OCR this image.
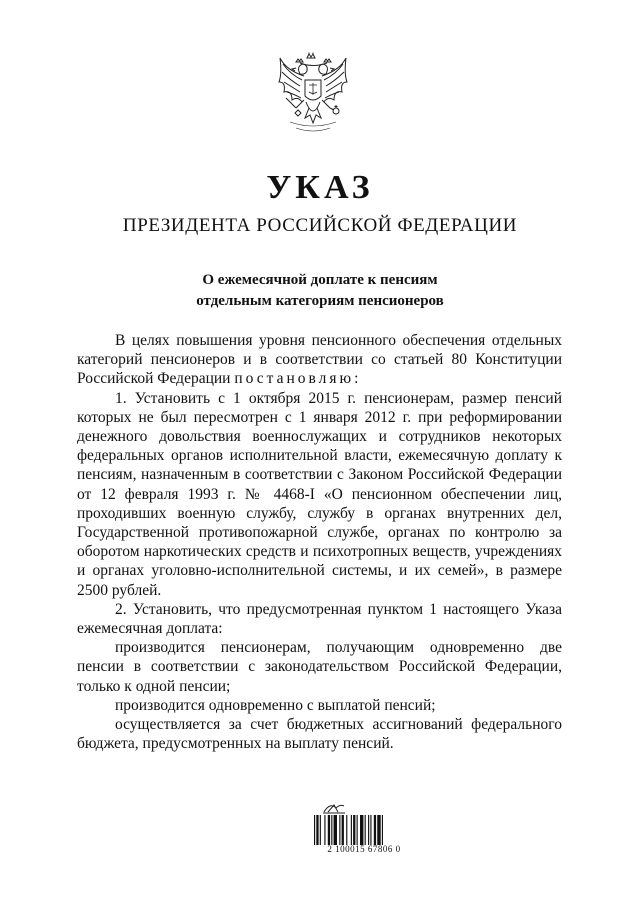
УКАЗ
ПРЕЗИДЕНТА РОССИЙСКОЙ ФЕДЕРАЦИИ
О ежемесячной доплате к пенсиям
отдельным категориям пенсионеров

В целях повышения уровня пенсионного обеспечения отдельных категорий пенсионеров и в соответствии со статьей 80 Конституции Российской Федерации постановляю:

1. Установить с 1 октября 2015 г. пенсионерам, размер пенсий которых не был пересмотрен с 1 января 2012 г. при реформировании денежного довольствия военнослужащих и сотрудников некоторых федеральных органов исполнительной власти, ежемесячную доплату к пенсиям, назначенным в соответствии с Законом Российской Федерации от 12 февраля 1993 г. № 4468-I «О пенсионном обеспечении лиц, проходивших военную службу, службу в органах внутренних дел, Государственной противопожарной службе, органах по контролю за оборотом наркотических средств и психотропных веществ, учреждениях и органах уголовно-исполнительной системы, и их семей», в размере 2500 рублей.

2. Установить, что предусмотренная пунктом 1 настоящего Указа ежемесячная доплата:

производится пенсионерам, получающим одновременно две пенсии в соответствии с законодательством Российской Федерации, только к одной пенсии;

производится одновременно с выплатой пенсий;

осуществляется за счет бюджетных ассигнований федерального бюджета, предусмотренных на выплату пенсий.

2 100015 67806 0
